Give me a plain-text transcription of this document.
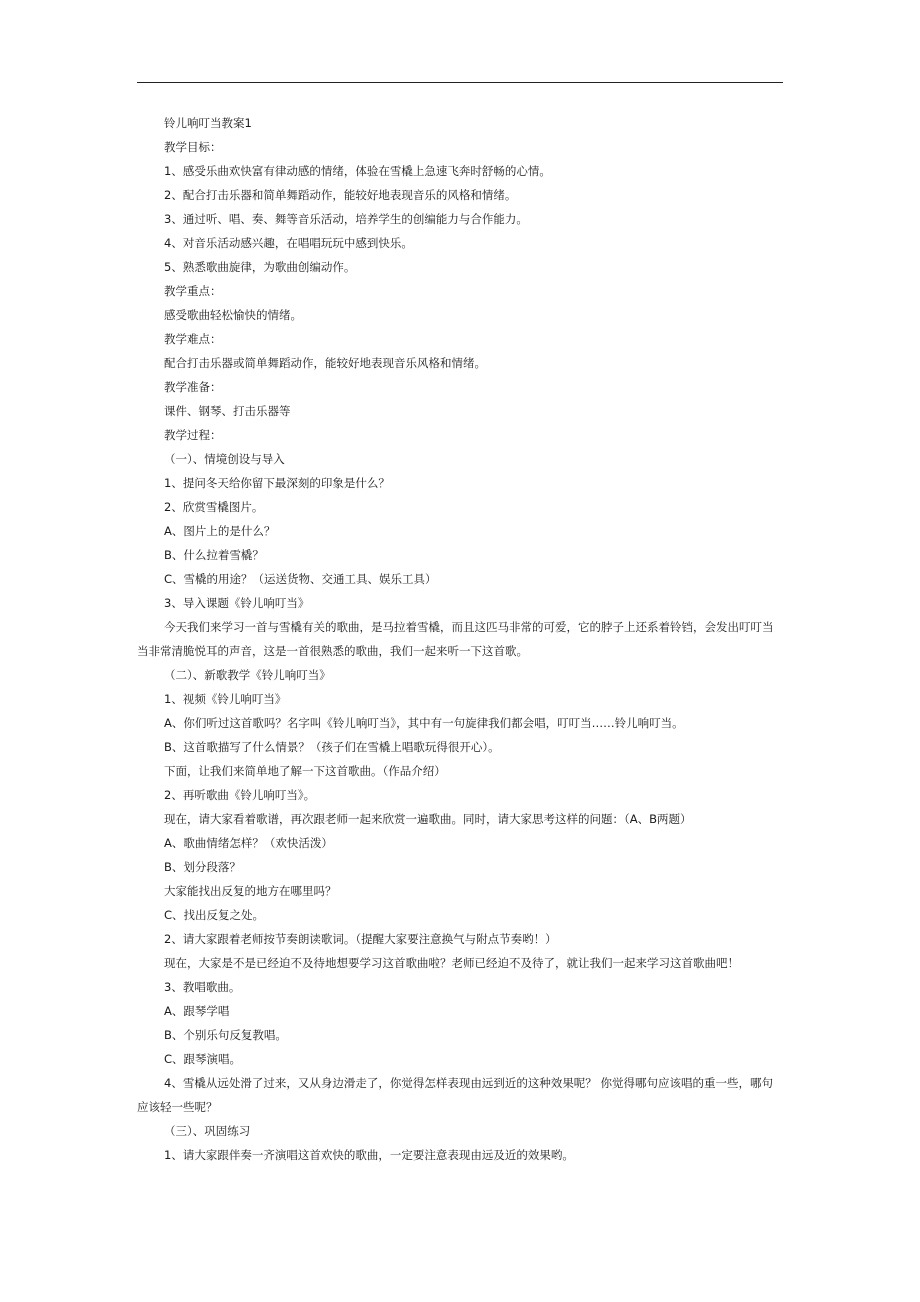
铃儿响叮当教案1
教学目标：
1、感受乐曲欢快富有律动感的情绪，体验在雪橇上急速飞奔时舒畅的心情。
2、配合打击乐器和简单舞蹈动作，能较好地表现音乐的风格和情绪。
3、通过听、唱、奏、舞等音乐活动，培养学生的创编能力与合作能力。
4、对音乐活动感兴趣，在唱唱玩玩中感到快乐。
5、熟悉歌曲旋律，为歌曲创编动作。
教学重点：
感受歌曲轻松愉快的情绪。
教学难点：
配合打击乐器或简单舞蹈动作，能较好地表现音乐风格和情绪。
教学准备：
课件、钢琴、打击乐器等
教学过程：
（一）、情境创设与导入
1、提问冬天给你留下最深刻的印象是什么？
2、欣赏雪橇图片。
A、图片上的是什么？
B、什么拉着雪橇？
C、雪橇的用途？（运送货物、交通工具、娱乐工具）
3、导入课题《铃儿响叮当》
今天我们来学习一首与雪橇有关的歌曲，是马拉着雪橇，而且这匹马非常的可爱，它的脖子上还系着铃铛，会发出叮叮当当非常清脆悦耳的声音，这是一首很熟悉的歌曲，我们一起来听一下这首歌。
（二）、新歌教学《铃儿响叮当》
1、视频《铃儿响叮当》
A、你们听过这首歌吗？名字叫《铃儿响叮当》，其中有一句旋律我们都会唱，叮叮当……铃儿响叮当。
B、这首歌描写了什么情景？（孩子们在雪橇上唱歌玩得很开心）。
下面，让我们来简单地了解一下这首歌曲。（作品介绍）
2、再听歌曲《铃儿响叮当》。
现在，请大家看着歌谱，再次跟老师一起来欣赏一遍歌曲。同时，请大家思考这样的问题：（A、B两题）
A、歌曲情绪怎样？（欢快活泼）
B、划分段落？
大家能找出反复的地方在哪里吗？
C、找出反复之处。
2、请大家跟着老师按节奏朗读歌词。（提醒大家要注意换气与附点节奏哟！）
现在，大家是不是已经迫不及待地想要学习这首歌曲啦？老师已经迫不及待了，就让我们一起来学习这首歌曲吧！
3、教唱歌曲。
A、跟琴学唱
B、个别乐句反复教唱。
C、跟琴演唱。
4、雪橇从远处滑了过来，又从身边滑走了，你觉得怎样表现由远到近的这种效果呢？ 你觉得哪句应该唱的重一些，哪句应该轻一些呢？
（三）、巩固练习
1、请大家跟伴奏一齐演唱这首欢快的歌曲，一定要注意表现由远及近的效果哟。
